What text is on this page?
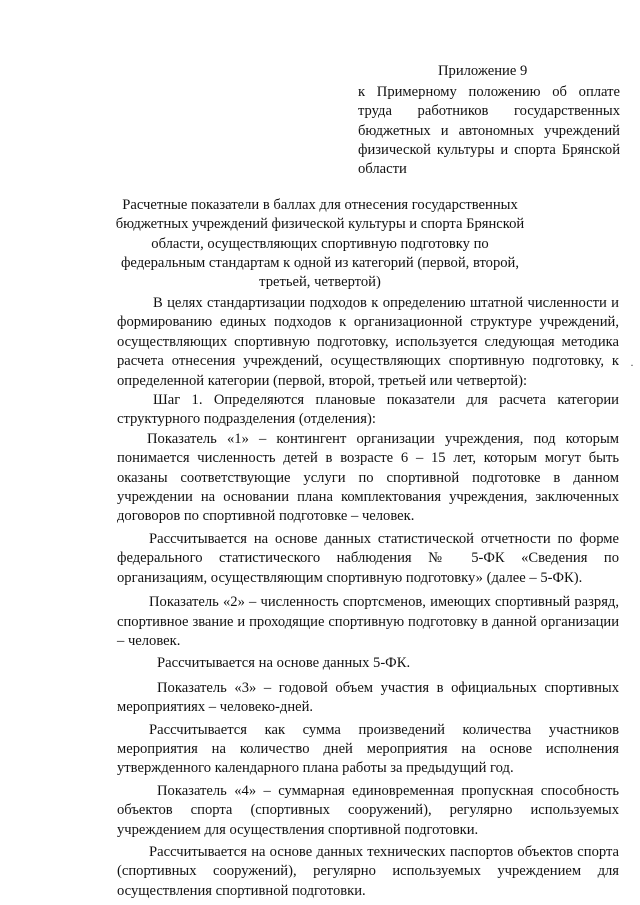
Приложение 9
к Примерному положению об оплате труда работников государственных бюджетных и автономных учреждений физической культуры и спорта Брянской области
Расчетные показатели в баллах для отнесения государственных бюджетных учреждений физической культуры и спорта Брянской области, осуществляющих спортивную подготовку по федеральным стандартам к одной из категорий (первой, второй, третьей, четвертой)

В целях стандартизации подходов к определению штатной численности и формированию единых подходов к организационной структуре учреждений, осуществляющих спортивную подготовку, используется следующая методика расчета отнесения учреждений, осуществляющих спортивную подготовку, к определенной категории (первой, второй, третьей или четвертой):

Шаг 1. Определяются плановые показатели для расчета категории структурного подразделения (отделения):

Показатель «1» – контингент организации учреждения, под которым понимается численность детей в возрасте 6 – 15 лет, которым могут быть оказаны соответствующие услуги по спортивной подготовке в данном учреждении на основании плана комплектования учреждения, заключенных договоров по спортивной подготовке – человек.

Рассчитывается на основе данных статистической отчетности по форме федерального статистического наблюдения № 5-ФК «Сведения по организациям, осуществляющим спортивную подготовку» (далее – 5-ФК).

Показатель «2» – численность спортсменов, имеющих спортивный разряд, спортивное звание и проходящие спортивную подготовку в данной организации – человек.

Рассчитывается на основе данных 5-ФК.

Показатель «3» – годовой объем участия в официальных спортивных мероприятиях – человеко-дней.

Рассчитывается как сумма произведений количества участников мероприятия на количество дней мероприятия на основе исполнения утвержденного календарного плана работы за предыдущий год.

Показатель «4» – суммарная единовременная пропускная способность объектов спорта (спортивных сооружений), регулярно используемых учреждением для осуществления спортивной подготовки.

Рассчитывается на основе данных технических паспортов объектов спорта (спортивных сооружений), регулярно используемых учреждением для осуществления спортивной подготовки.

·
